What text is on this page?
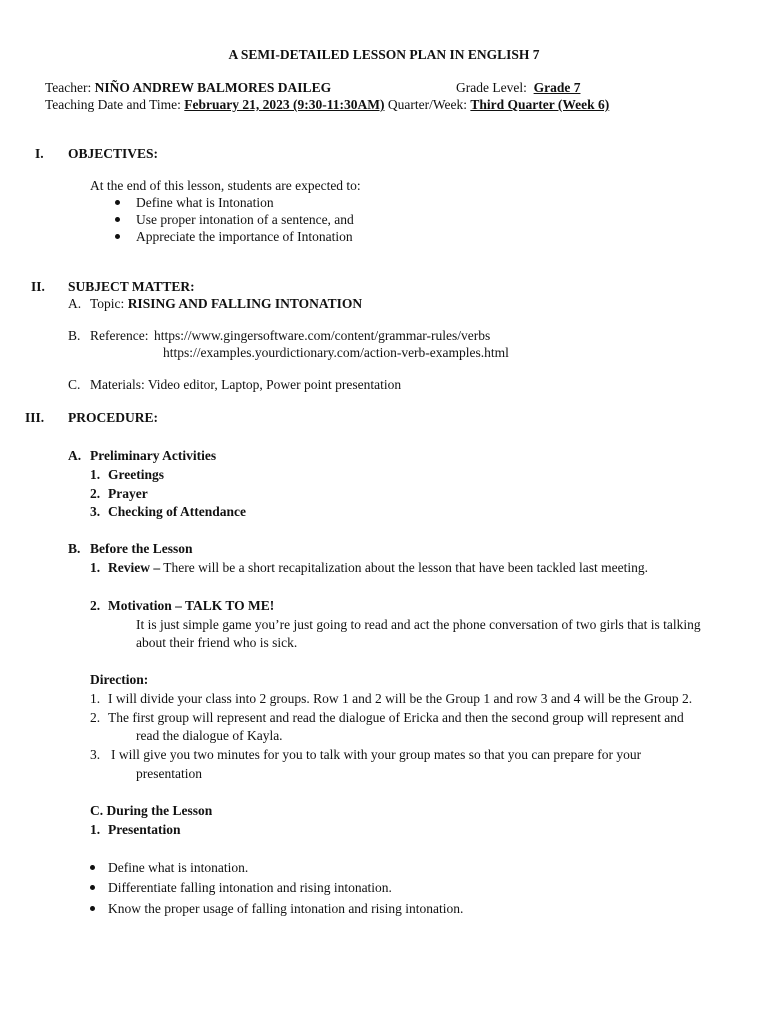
A SEMI-DETAILED LESSON PLAN IN ENGLISH 7
Teacher: NIÑO ANDREW BALMORES DAILEG	Grade Level: Grade 7
Teaching Date and Time: February 21, 2023 (9:30-11:30AM) Quarter/Week: Third Quarter (Week 6)
I. OBJECTIVES:
At the end of this lesson, students are expected to:
Define what is Intonation
Use proper intonation of a sentence, and
Appreciate the importance of Intonation
II. SUBJECT MATTER:
A. Topic: RISING AND FALLING INTONATION
B. Reference: https://www.gingersoftware.com/content/grammar-rules/verbs
https://examples.yourdictionary.com/action-verb-examples.html
C. Materials: Video editor, Laptop, Power point presentation
III. PROCEDURE:
A. Preliminary Activities
1. Greetings
2. Prayer
3. Checking of Attendance
B. Before the Lesson
1. Review – There will be a short recapitalization about the lesson that have been tackled last meeting.
2. Motivation – TALK TO ME!
It is just simple game you’re just going to read and act the phone conversation of two girls that is talking
about their friend who is sick.
Direction:
1. I will divide your class into 2 groups. Row 1 and 2 will be the Group 1 and row 3 and 4 will be the Group 2.
2. The first group will represent and read the dialogue of Ericka and then the second group will represent and
read the dialogue of Kayla.
3. I will give you two minutes for you to talk with your group mates so that you can prepare for your
presentation
C. During the Lesson
1. Presentation
Define what is intonation.
Differentiate falling intonation and rising intonation.
Know the proper usage of falling intonation and rising intonation.
